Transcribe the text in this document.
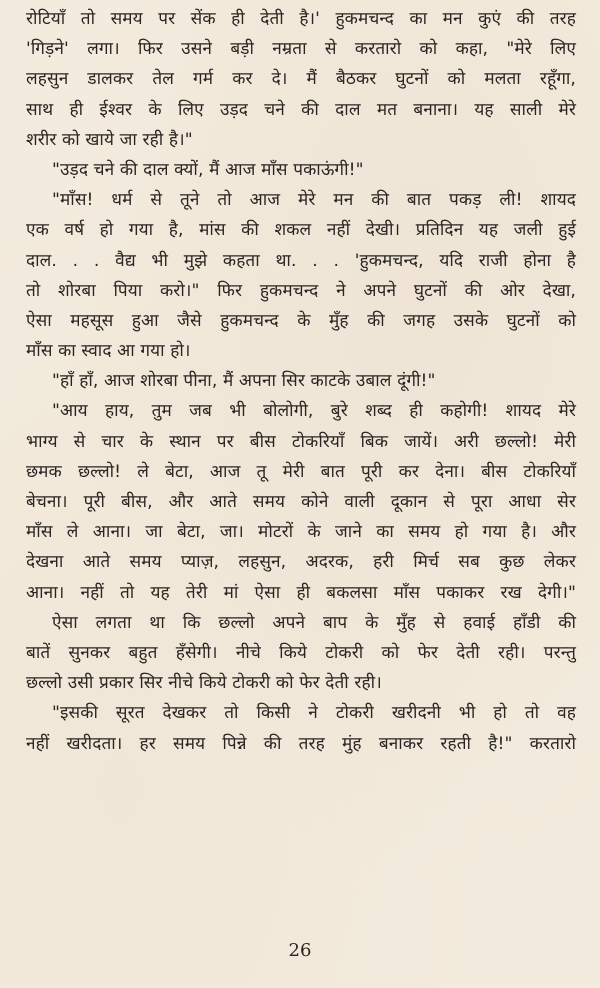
रोटियाँ तो समय पर सेंक ही देती है।' हुकमचन्द का मन कुएं की तरह
'गिड़ने' लगा। फिर उसने बड़ी नम्रता से करतारो को कहा, "मेरे लिए
लहसुन डालकर तेल गर्म कर दे। मैं बैठकर घुटनों को मलता रहूँगा,
साथ ही ईश्वर के लिए उड़द चने की दाल मत बनाना। यह साली मेरे
शरीर को खाये जा रही है।"
"उड़द चने की दाल क्यों, मैं आज माँस पकाऊंगी!"
"माँस! धर्म से तूने तो आज मेरे मन की बात पकड़ ली! शायद
एक वर्ष हो गया है, मांस की शकल नहीं देखी। प्रतिदिन यह जली हुई
दाल. . . वैद्य भी मुझे कहता था. . . 'हुकमचन्द, यदि राजी होना है
तो शोरबा पिया करो।" फिर हुकमचन्द ने अपने घुटनों की ओर देखा,
ऐसा महसूस हुआ जैसे हुकमचन्द के मुँह की जगह उसके घुटनों को
माँस का स्वाद आ गया हो।
"हाँ हाँ, आज शोरबा पीना, मैं अपना सिर काटके उबाल दूंगी!"
"आय हाय, तुम जब भी बोलोगी, बुरे शब्द ही कहोगी! शायद मेरे
भाग्य से चार के स्थान पर बीस टोकरियाँ बिक जायें। अरी छल्लो! मेरी
छमक छल्लो! ले बेटा, आज तू मेरी बात पूरी कर देना। बीस टोकरियाँ
बेचना। पूरी बीस, और आते समय कोने वाली दूकान से पूरा आधा सेर
माँस ले आना। जा बेटा, जा। मोटरों के जाने का समय हो गया है। और
देखना आते समय प्याज़, लहसुन, अदरक, हरी मिर्च सब कुछ लेकर
आना। नहीं तो यह तेरी मां ऐसा ही बकलसा माँस पकाकर रख देगी।"
ऐसा लगता था कि छल्लो अपने बाप के मुँह से हवाई हाँडी की
बातें सुनकर बहुत हँसेगी। नीचे किये टोकरी को फेर देती रही। परन्तु
छल्लो उसी प्रकार सिर नीचे किये टोकरी को फेर देती रही।
"इसकी सूरत देखकर तो किसी ने टोकरी खरीदनी भी हो तो वह
नहीं खरीदता। हर समय पिन्ने की तरह मुंह बनाकर रहती है!" करतारो
26
